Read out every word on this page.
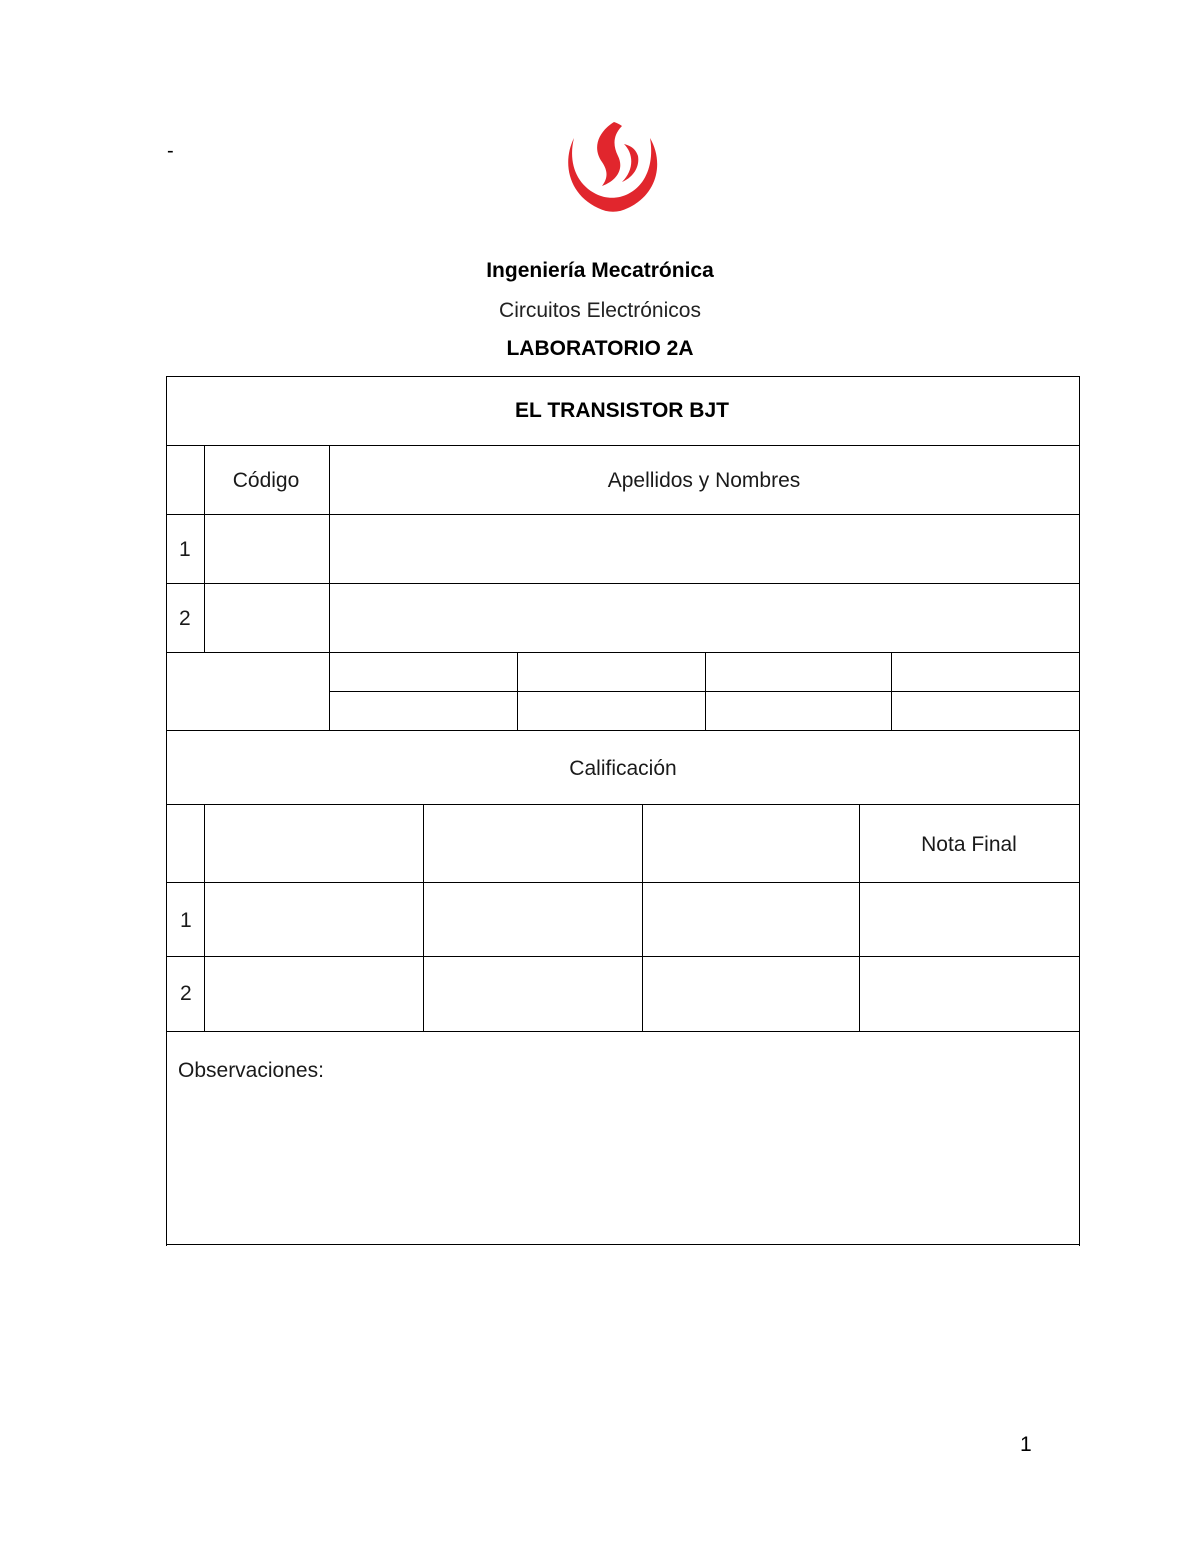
-
Ingeniería Mecatrónica
Circuitos Electrónicos
LABORATORIO 2A
EL TRANSISTOR BJT
Código	Apellidos y Nombres
1
2
Calificación
Nota Final
1
2
Observaciones:
1
